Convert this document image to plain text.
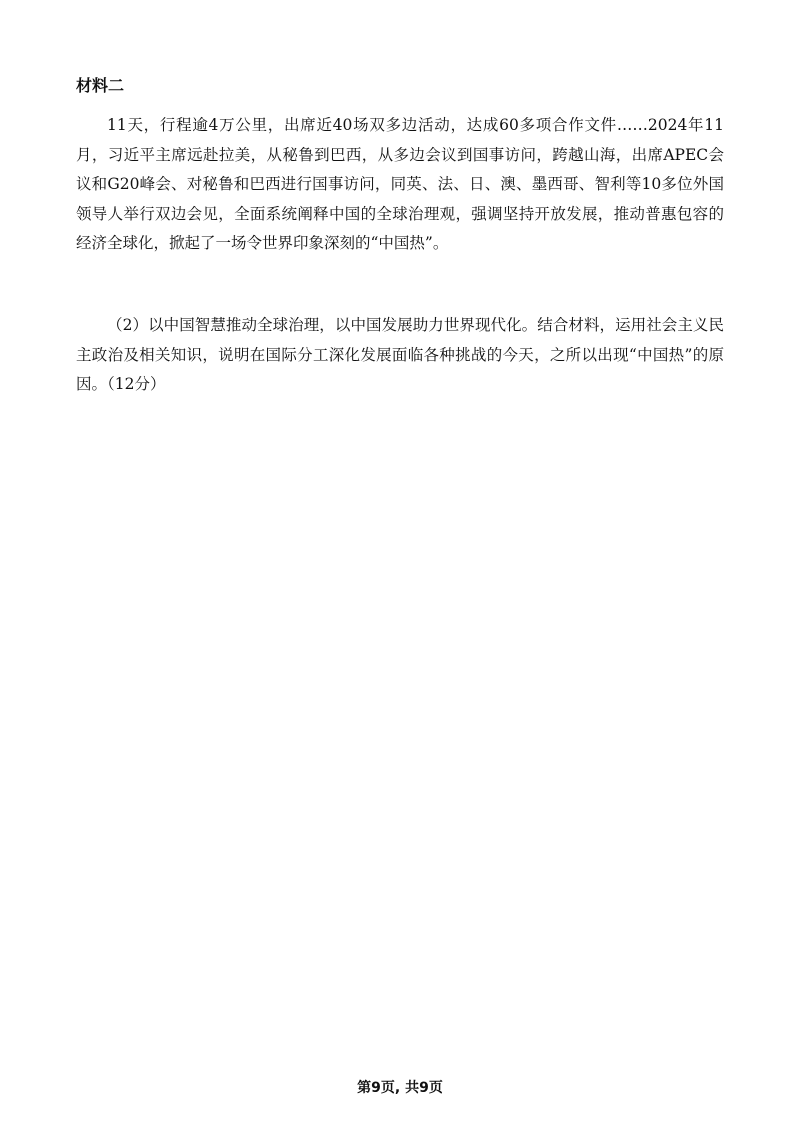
材料二

11天，行程逾4万公里，出席近40场双多边活动，达成60多项合作文件……2024年11月，习近平主席远赴拉美，从秘鲁到巴西，从多边会议到国事访问，跨越山海，出席APEC会议和G20峰会、对秘鲁和巴西进行国事访问，同英、法、日、澳、墨西哥、智利等10多位外国领导人举行双边会见，全面系统阐释中国的全球治理观，强调坚持开放发展，推动普惠包容的经济全球化，掀起了一场令世界印象深刻的“中国热”。

（2）以中国智慧推动全球治理，以中国发展助力世界现代化。结合材料，运用社会主义民主政治及相关知识，说明在国际分工深化发展面临各种挑战的今天，之所以出现“中国热”的原因。（12分）

第9页, 共9页
